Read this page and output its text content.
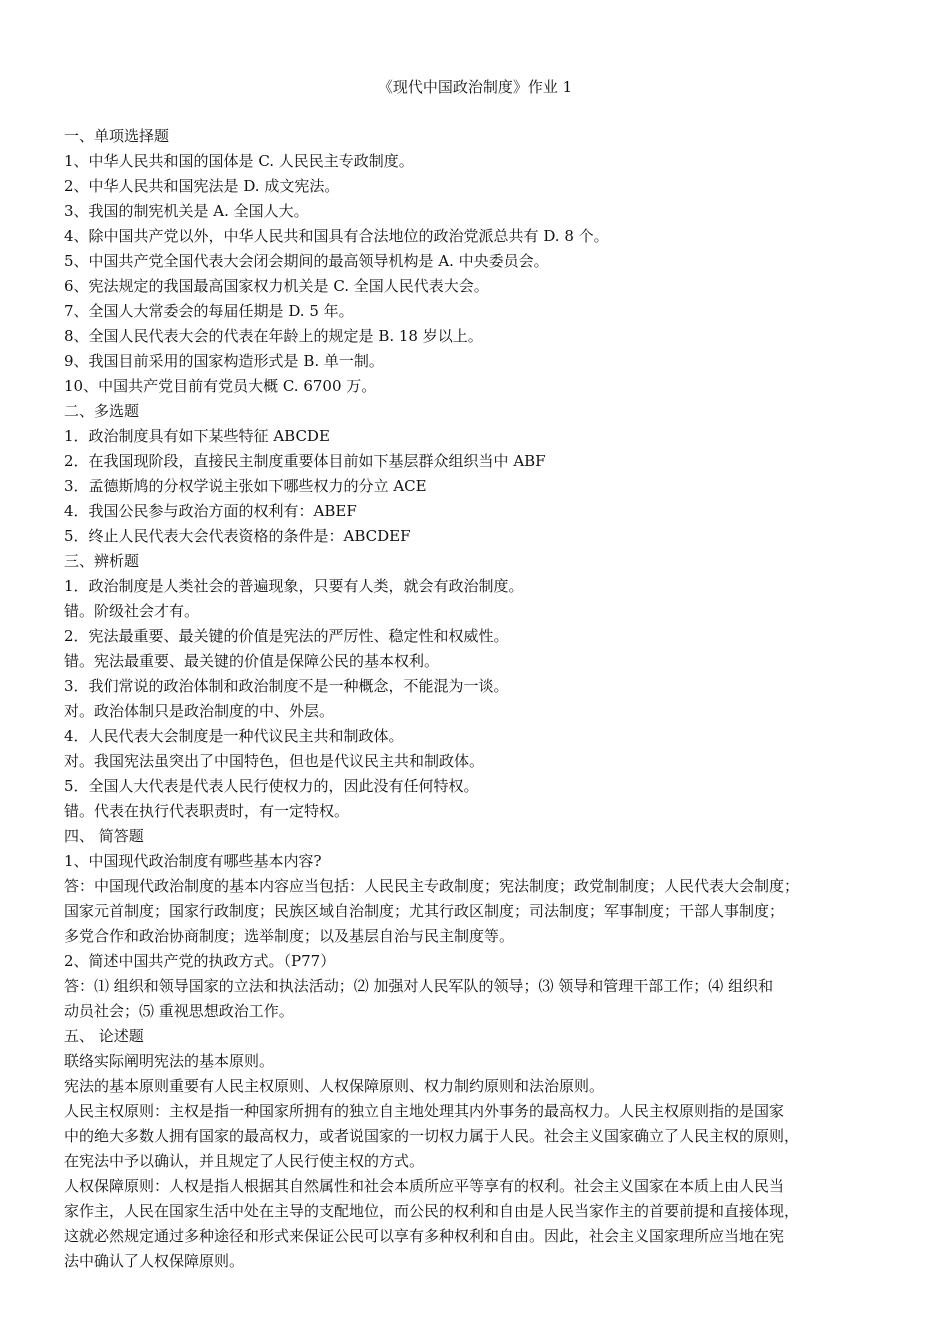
《现代中国政治制度》作业 1

一、单项选择题

1、中华人民共和国的国体是 C. 人民民主专政制度。

2、中华人民共和国宪法是 D. 成文宪法。

3、我国的制宪机关是 A. 全国人大。

4、除中国共产党以外，中华人民共和国具有合法地位的政治党派总共有 D. 8 个。

5、中国共产党全国代表大会闭会期间的最高领导机构是 A. 中央委员会。

6、宪法规定的我国最高国家权力机关是 C. 全国人民代表大会。

7、全国人大常委会的每届任期是 D. 5 年。

8、全国人民代表大会的代表在年龄上的规定是 B. 18 岁以上。

9、我国目前采用的国家构造形式是 B. 单一制。

10、中国共产党目前有党员大概 C. 6700 万。

二、多选题

1．政治制度具有如下某些特征 ABCDE

2．在我国现阶段，直接民主制度重要体目前如下基层群众组织当中 ABF

3．孟德斯鸠的分权学说主张如下哪些权力的分立 ACE

4．我国公民参与政治方面的权利有：ABEF

5．终止人民代表大会代表资格的条件是：ABCDEF

三、辨析题

1．政治制度是人类社会的普遍现象，只要有人类，就会有政治制度。

错。阶级社会才有。

2．宪法最重要、最关键的价值是宪法的严厉性、稳定性和权威性。

错。宪法最重要、最关键的价值是保障公民的基本权利。

3．我们常说的政治体制和政治制度不是一种概念，不能混为一谈。

对。政治体制只是政治制度的中、外层。

4．人民代表大会制度是一种代议民主共和制政体。

对。我国宪法虽突出了中国特色，但也是代议民主共和制政体。

5．全国人大代表是代表人民行使权力的，因此没有任何特权。

错。代表在执行代表职责时，有一定特权。

四、 简答题

1、中国现代政治制度有哪些基本内容?

答：中国现代政治制度的基本内容应当包括：人民民主专政制度；宪法制度；政党制制度；人民代表大会制度；

国家元首制度；国家行政制度；民族区域自治制度；尤其行政区制度；司法制度；军事制度；干部人事制度；

多党合作和政治协商制度；选举制度；以及基层自治与民主制度等。

2、简述中国共产党的执政方式。（P77）

答：⑴ 组织和领导国家的立法和执法活动；⑵ 加强对人民军队的领导；⑶ 领导和管理干部工作；⑷ 组织和

动员社会；⑸ 重视思想政治工作。

五、 论述题

联络实际阐明宪法的基本原则。

宪法的基本原则重要有人民主权原则、人权保障原则、权力制约原则和法治原则。

人民主权原则：主权是指一种国家所拥有的独立自主地处理其内外事务的最高权力。人民主权原则指的是国家

中的绝大多数人拥有国家的最高权力，或者说国家的一切权力属于人民。社会主义国家确立了人民主权的原则，

在宪法中予以确认，并且规定了人民行使主权的方式。

人权保障原则：人权是指人根据其自然属性和社会本质所应平等享有的权利。社会主义国家在本质上由人民当

家作主，人民在国家生活中处在主导的支配地位，而公民的权利和自由是人民当家作主的首要前提和直接体现，

这就必然规定通过多种途径和形式来保证公民可以享有多种权利和自由。因此，社会主义国家理所应当地在宪

法中确认了人权保障原则。
